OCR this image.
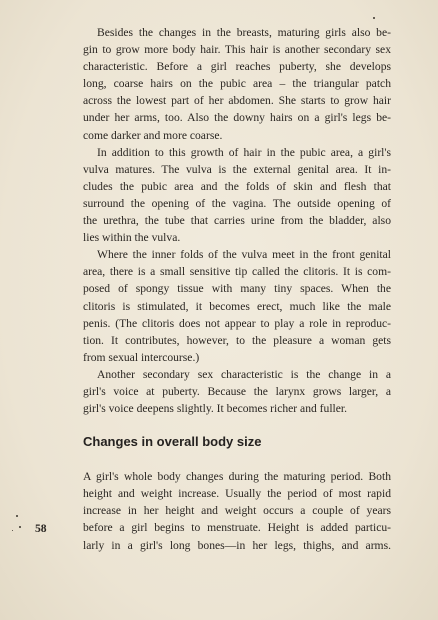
Besides the changes in the breasts, maturing girls also be-
gin to grow more body hair. This hair is another secondary sex
characteristic. Before a girl reaches puberty, she develops
long, coarse hairs on the pubic area – the triangular patch
across the lowest part of her abdomen. She starts to grow hair
under her arms, too. Also the downy hairs on a girl's legs be-
come darker and more coarse.

In addition to this growth of hair in the pubic area, a girl's
vulva matures. The vulva is the external genital area. It in-
cludes the pubic area and the folds of skin and flesh that
surround the opening of the vagina. The outside opening of
the urethra, the tube that carries urine from the bladder, also
lies within the vulva.

Where the inner folds of the vulva meet in the front genital
area, there is a small sensitive tip called the clitoris. It is com-
posed of spongy tissue with many tiny spaces. When the
clitoris is stimulated, it becomes erect, much like the male
penis. (The clitoris does not appear to play a role in reproduc-
tion. It contributes, however, to the pleasure a woman gets
from sexual intercourse.)

Another secondary sex characteristic is the change in a
girl's voice at puberty. Because the larynx grows larger, a
girl's voice deepens slightly. It becomes richer and fuller.

Changes in overall body size

A girl's whole body changes during the maturing period. Both
height and weight increase. Usually the period of most rapid
increase in her height and weight occurs a couple of years
before a girl begins to menstruate. Height is added particu-
larly in a girl's long bones—in her legs, thighs, and arms.

58
